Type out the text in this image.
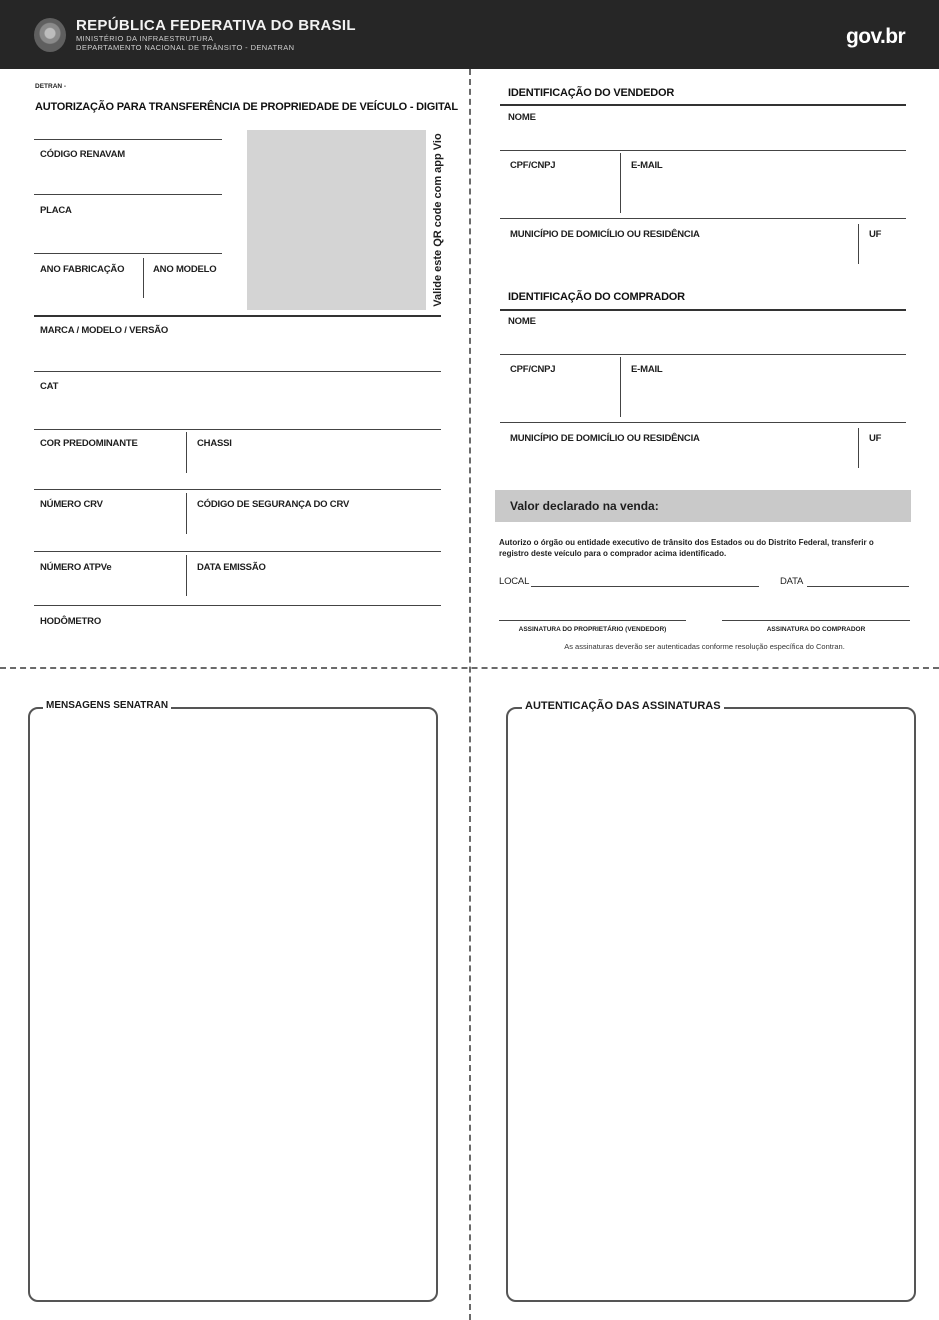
REPÚBLICA FEDERATIVA DO BRASIL
MINISTÉRIO DA INFRAESTRUTURA
DEPARTAMENTO NACIONAL DE TRÂNSITO - DENATRAN	gov.br
DETRAN -
AUTORIZAÇÃO PARA TRANSFERÊNCIA DE PROPRIEDADE DE VEÍCULO - DIGITAL
CÓDIGO RENAVAM
PLACA
ANO FABRICAÇÃO	ANO MODELO	Valide este QR code com app Vio
MARCA / MODELO / VERSÃO
CAT
COR PREDOMINANTE	CHASSI
NÚMERO CRV	CÓDIGO DE SEGURANÇA DO CRV
NÚMERO ATPVe	DATA EMISSÃO
HODÔMETRO
IDENTIFICAÇÃO DO VENDEDOR
NOME
CPF/CNPJ	E-MAIL
MUNICÍPIO DE DOMICÍLIO OU RESIDÊNCIA	UF
IDENTIFICAÇÃO DO COMPRADOR
NOME
CPF/CNPJ	E-MAIL
MUNICÍPIO DE DOMICÍLIO OU RESIDÊNCIA	UF
Valor declarado na venda:
Autorizo o órgão ou entidade executivo de trânsito dos Estados ou do Distrito Federal, transferir o registro deste veículo para o comprador acima identificado.
LOCAL	DATA
ASSINATURA DO PROPRIETÁRIO (VENDEDOR)	ASSINATURA DO COMPRADOR
As assinaturas deverão ser autenticadas conforme resolução específica do Contran.
MENSAGENS SENATRAN	AUTENTICAÇÃO DAS ASSINATURAS
